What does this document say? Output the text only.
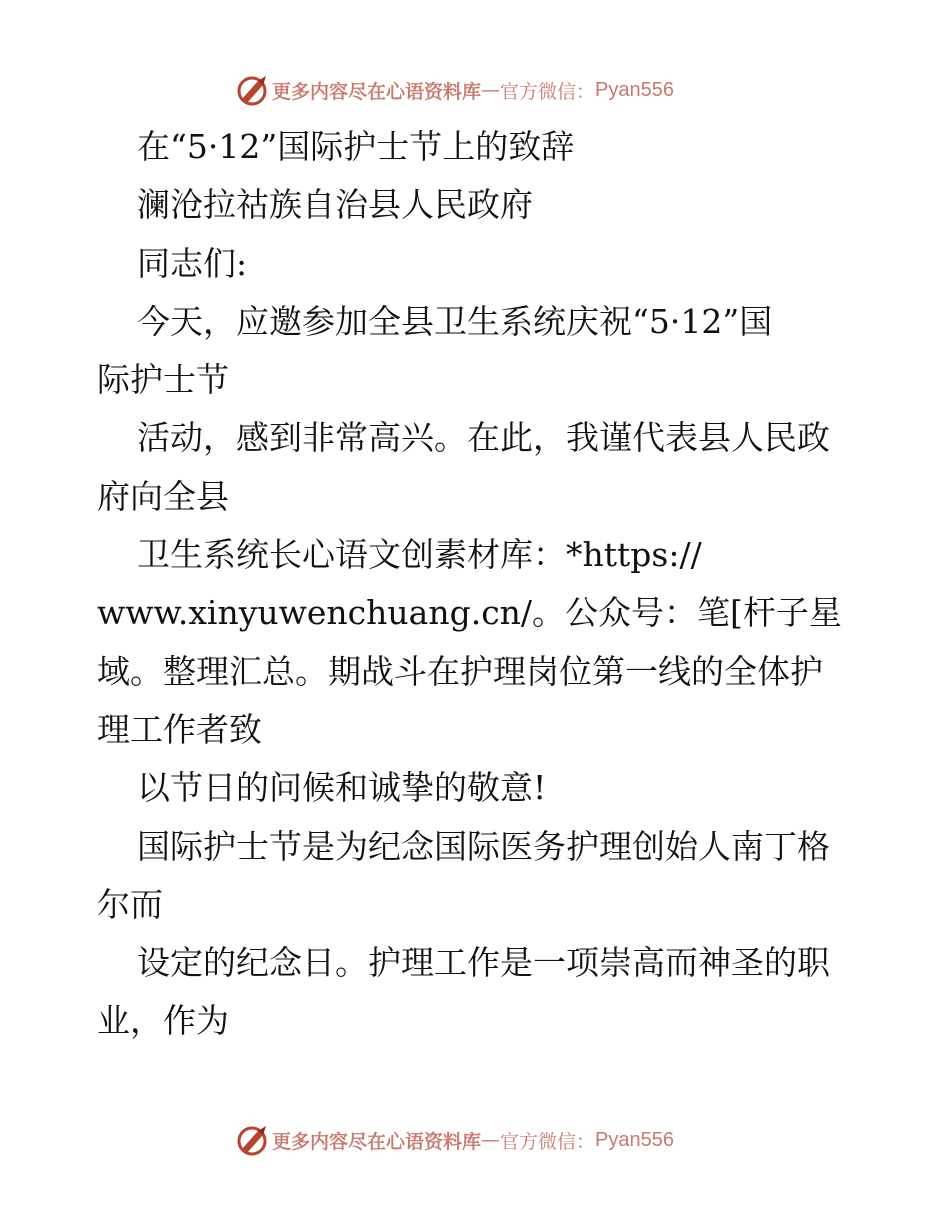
更多内容尽在心语资料库 — 官方微信： Pyan556
在“5·12”国际护士节上的致辞
澜沧拉祜族自治县人民政府
同志们:
今天，应邀参加全县卫生系统庆祝“5·12”国
际护士节
活动，感到非常高兴。在此，我谨代表县人民政
府向全县
卫生系统长心语文创素材库：*https://
www.xinyuwenchuang.cn/。公众号：笔[杆子星
域。整理汇总。期战斗在护理岗位第一线的全体护
理工作者致
以节日的问候和诚挚的敬意!
国际护士节是为纪念国际医务护理创始人南丁格
尔而
设定的纪念日。护理工作是一项崇高而神圣的职
业，作为
更多内容尽在心语资料库 — 官方微信： Pyan556
